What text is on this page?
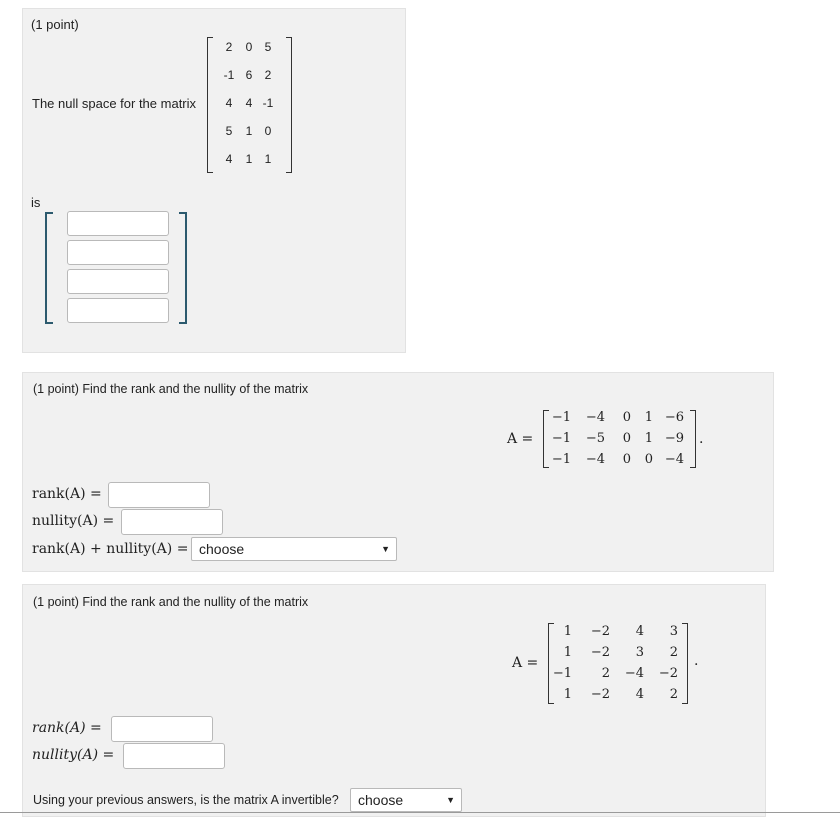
(1 point)
The null space for the matrix
2	0	5
-1 6	2
4	4 -1
5	1	0
4	1	1
is
(1 point) Find the rank and the nullity of the matrix
A =
−1 −4	0	1 −6
−1 −5	0	1 −9
−1 −4	0	0 −4
.
rank(A) =
nullity(A) =
rank(A) + nullity(A) = choose	▼
(1 point) Find the rank and the nullity of the matrix
A =
1 −2	4	3
1 −2	3	2
−1	2 −4 −2
1 −2	4	2
.
rank(A) =
nullity(A) =
Using your previous answers, is the matrix A invertible?	choose	▼
